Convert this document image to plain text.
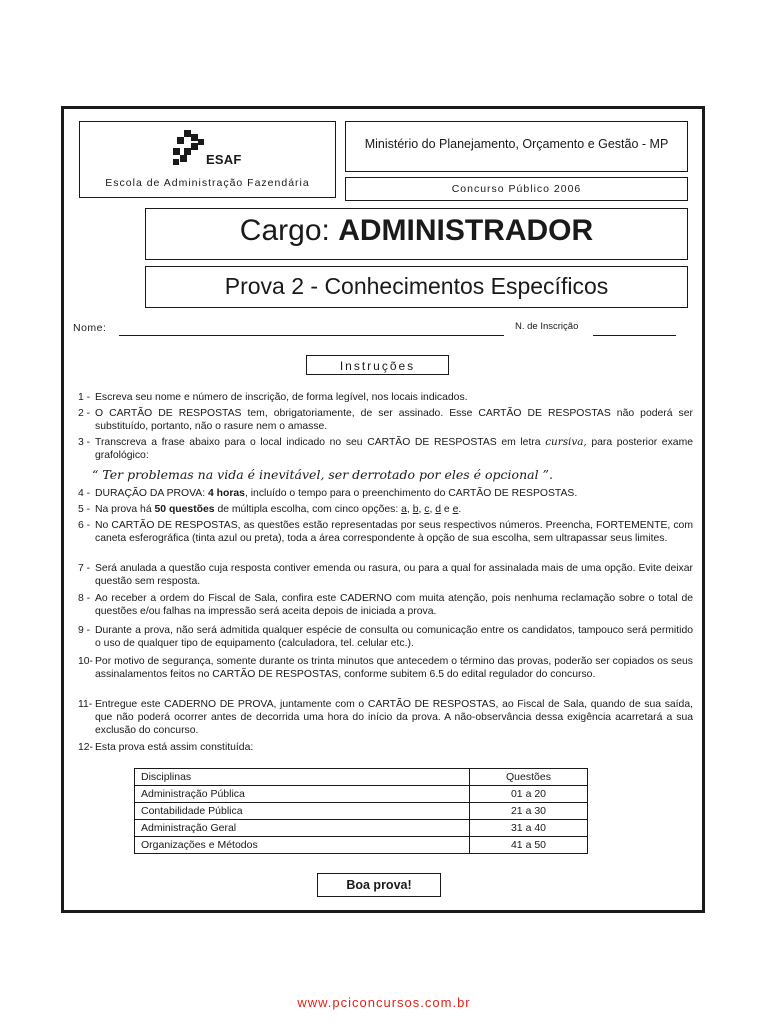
ESAF
Escola de Administração Fazendária
Ministério do Planejamento, Orçamento e Gestão - MP
Concurso Público 2006
Cargo: ADMINISTRADOR
Prova 2 - Conhecimentos Específicos
Nome:	N. de Inscrição
Instruções
1 - Escreva seu nome e número de inscrição, de forma legível, nos locais indicados.
2 - O CARTÃO DE RESPOSTAS tem, obrigatoriamente, de ser assinado. Esse CARTÃO DE RESPOSTAS não poderá ser substituído, portanto, não o rasure nem o amasse.
3 - Transcreva a frase abaixo para o local indicado no seu CARTÃO DE RESPOSTAS em letra cursiva, para posterior exame grafológico:
“ Ter problemas na vida é inevitável, ser derrotado por eles é opcional ”.
4 - DURAÇÃO DA PROVA: 4 horas, incluído o tempo para o preenchimento do CARTÃO DE RESPOSTAS.
5 - Na prova há 50 questões de múltipla escolha, com cinco opções: a, b, c, d e e.
6 - No CARTÃO DE RESPOSTAS, as questões estão representadas por seus respectivos números. Preencha, FORTEMENTE, com caneta esferográfica (tinta azul ou preta), toda a área correspondente à opção de sua escolha, sem ultrapassar seus limites.
7 - Será anulada a questão cuja resposta contiver emenda ou rasura, ou para a qual for assinalada mais de uma opção. Evite deixar questão sem resposta.
8 - Ao receber a ordem do Fiscal de Sala, confira este CADERNO com muita atenção, pois nenhuma reclamação sobre o total de questões e/ou falhas na impressão será aceita depois de iniciada a prova.
9 - Durante a prova, não será admitida qualquer espécie de consulta ou comunicação entre os candidatos, tampouco será permitido o uso de qualquer tipo de equipamento (calculadora, tel. celular etc.).
10- Por motivo de segurança, somente durante os trinta minutos que antecedem o término das provas, poderão ser copiados os seus assinalamentos feitos no CARTÃO DE RESPOSTAS, conforme subitem 6.5 do edital regulador do concurso.
11- Entregue este CADERNO DE PROVA, juntamente com o CARTÃO DE RESPOSTAS, ao Fiscal de Sala, quando de sua saída, que não poderá ocorrer antes de decorrida uma hora do início da prova. A não-observância dessa exigência acarretará a sua exclusão do concurso.
12- Esta prova está assim constituída:
Disciplinas	Questões
Administração Pública	01 a 20
Contabilidade Pública	21 a 30
Administração Geral	31 a 40
Organizações e Métodos	41 a 50
Boa prova!
www.pciconcursos.com.br
